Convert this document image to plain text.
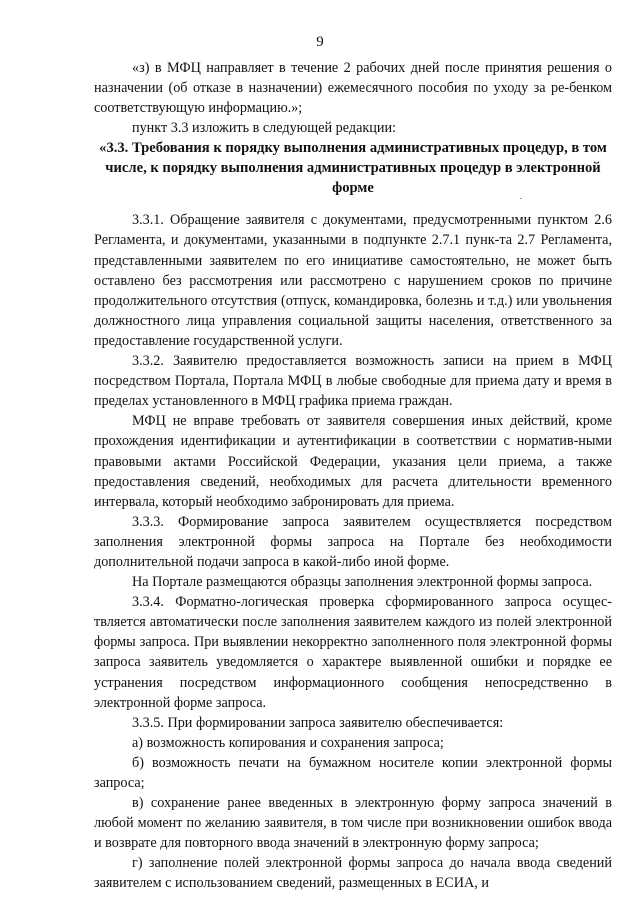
9

«з) в МФЦ направляет в течение 2 рабочих дней после принятия решения о назначении (об отказе в назначении) ежемесячного пособия по уходу за ре-бенком соответствующую информацию.»;

пункт 3.3 изложить в следующей редакции:

«3.3. Требования к порядку выполнения административных процедур, в том числе, к порядку выполнения административных процедур в электронной форме

3.3.1. Обращение заявителя с документами, предусмотренными пунктом 2.6 Регламента, и документами, указанными в подпункте 2.7.1 пунк-та 2.7 Регламента, представленными заявителем по его инициативе самостоятельно, не может быть оставлено без рассмотрения или рассмотрено с нарушением сроков по причине продолжительного отсутствия (отпуск, командировка, болезнь и т.д.) или увольнения должностного лица управления социальной защиты населения, ответственного за предоставление государственной услуги.

3.3.2. Заявителю предоставляется возможность записи на прием в МФЦ посредством Портала, Портала МФЦ в любые свободные для приема дату и время в пределах установленного в МФЦ графика приема граждан.

МФЦ не вправе требовать от заявителя совершения иных действий, кроме прохождения идентификации и аутентификации в соответствии с норматив-ными правовыми актами Российской Федерации, указания цели приема, а также предоставления сведений, необходимых для расчета длительности временного интервала, который необходимо забронировать для приема.

3.3.3. Формирование запроса заявителем осуществляется посредством заполнения электронной формы запроса на Портале без необходимости дополнительной подачи запроса в какой-либо иной форме.

На Портале размещаются образцы заполнения электронной формы запроса.

3.3.4. Форматно-логическая проверка сформированного запроса осущес-твляется автоматически после заполнения заявителем каждого из полей электронной формы запроса. При выявлении некорректно заполненного поля электронной формы запроса заявитель уведомляется о характере выявленной ошибки и порядке ее устранения посредством информационного сообщения непосредственно в электронной форме запроса.

3.3.5. При формировании запроса заявителю обеспечивается:

а) возможность копирования и сохранения запроса;

б) возможность печати на бумажном носителе копии электронной формы запроса;

в) сохранение ранее введенных в электронную форму запроса значений в любой момент по желанию заявителя, в том числе при возникновении ошибок ввода и возврате для повторного ввода значений в электронную форму запроса;

г) заполнение полей электронной формы запроса до начала ввода сведений заявителем с использованием сведений, размещенных в ЕСИА, и
